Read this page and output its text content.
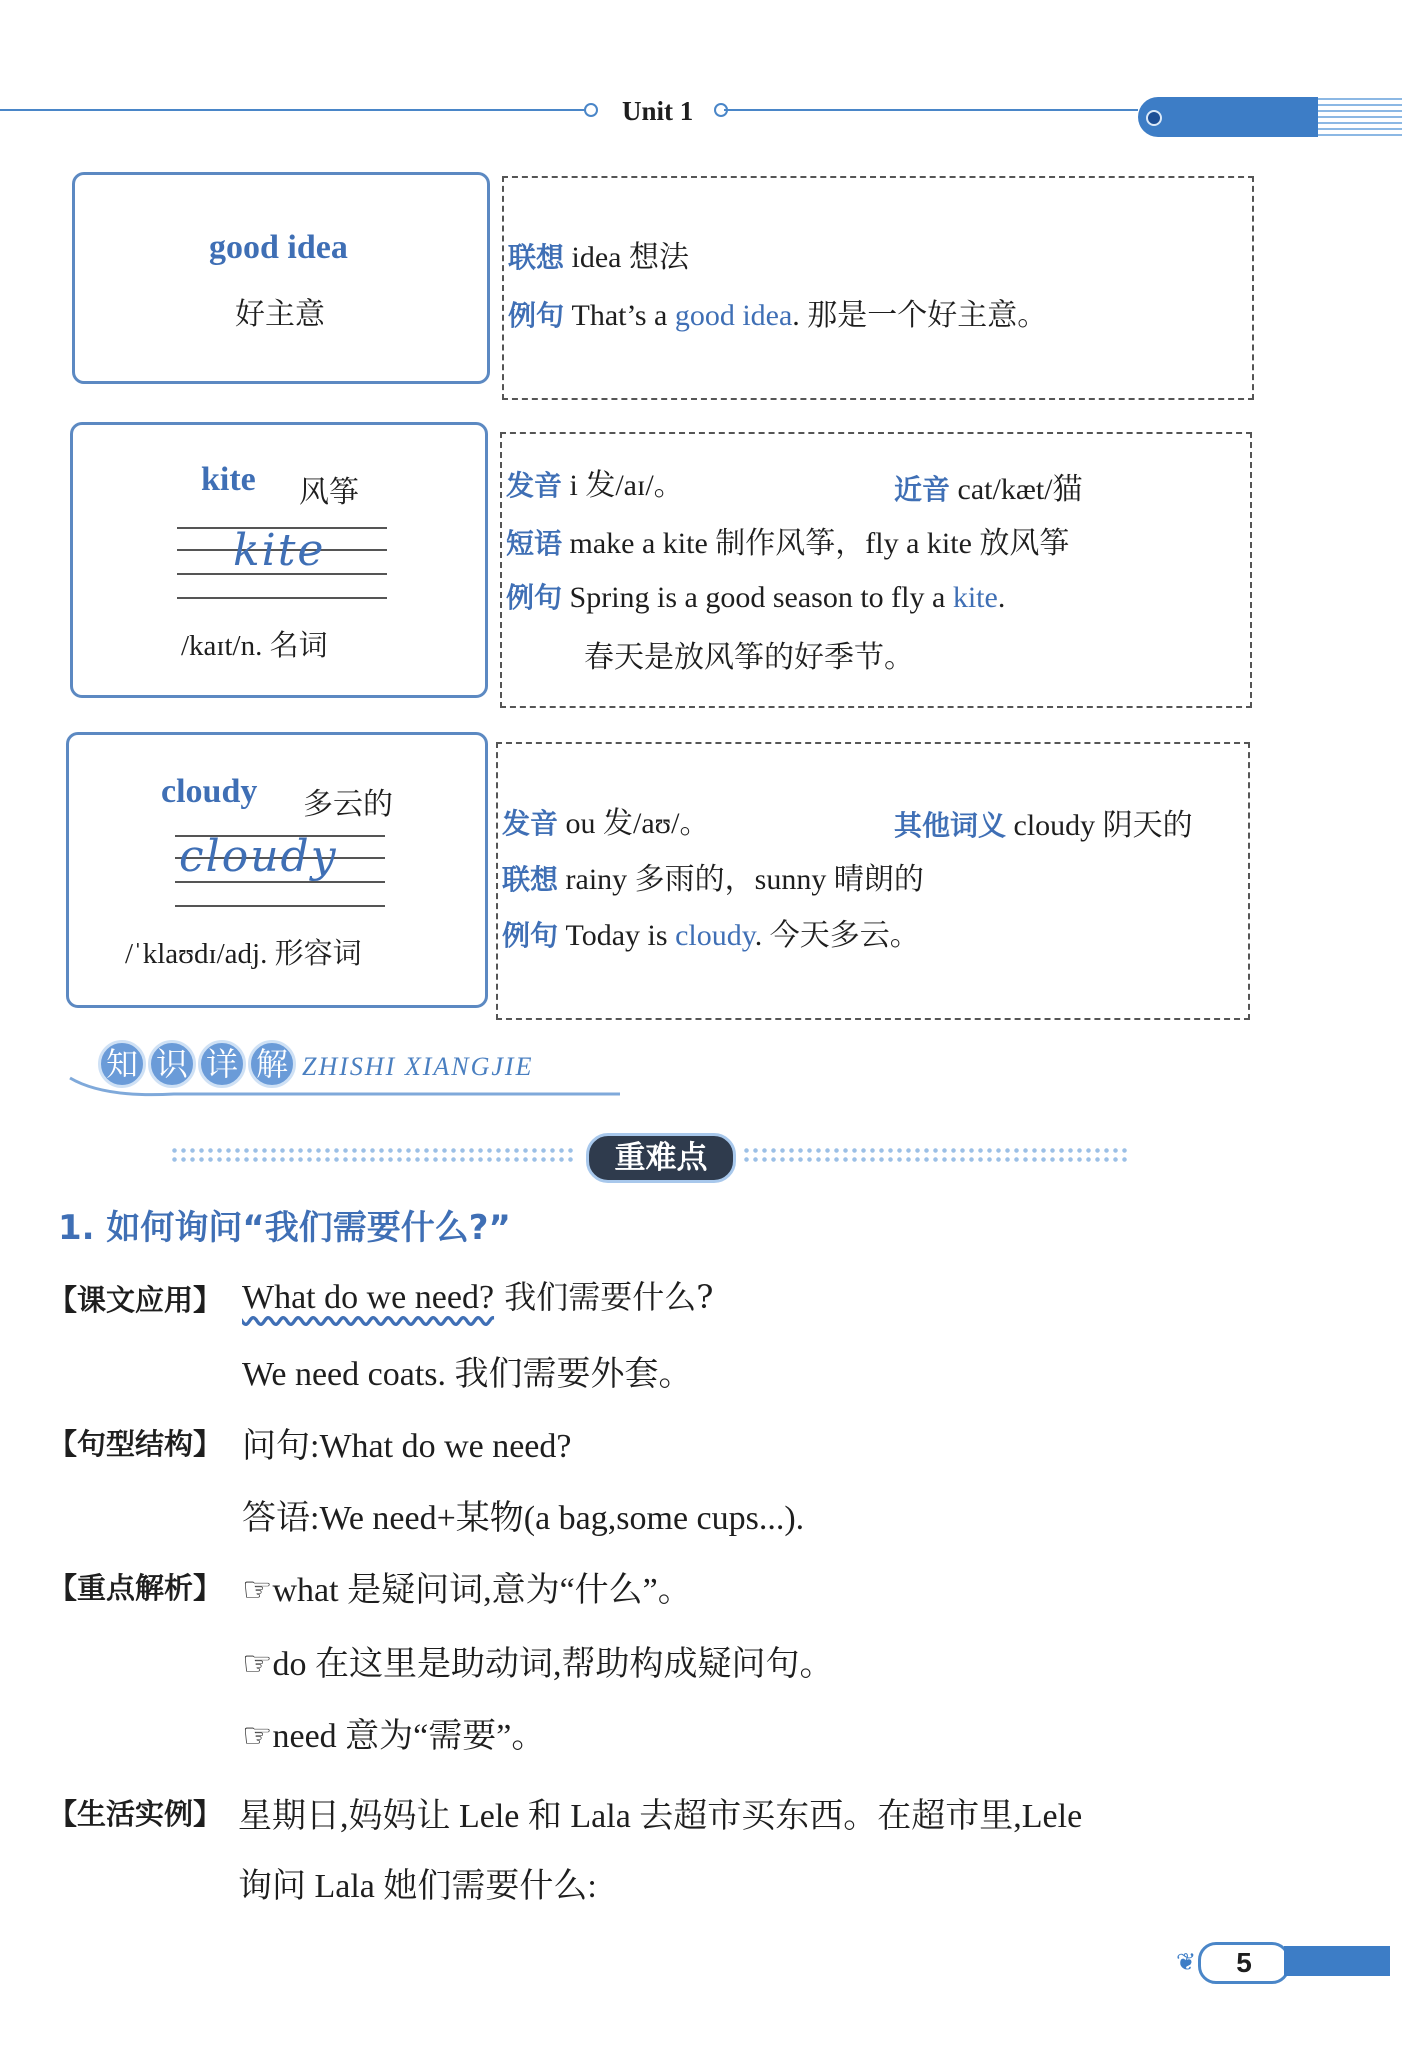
Unit 1
good idea
好主意
联想 idea 想法
例句 That’s a good idea. 那是一个好主意。
kite 风筝
kite
/kaɪt/n. 名词
发音 i 发/aɪ/。	近音 cat/kæt/猫
短语 make a kite 制作风筝，fly a kite 放风筝
例句 Spring is a good season to fly a kite.
春天是放风筝的好季节。
cloudy 多云的
cloudy
/ˈklaʊdɪ/adj. 形容词
发音 ou 发/aʊ/。	其他词义 cloudy 阴天的
联想 rainy 多雨的，sunny 晴朗的
例句 Today is cloudy. 今天多云。
知 识 详 解 ZHISHI XIANGJIE
重难点
1. 如何询问“我们需要什么?”
【课文应用】 What do we need? 我们需要什么?
We need coats. 我们需要外套。
【句型结构】 问句:What do we need?
答语:We need+某物(a bag,some cups...).
【重点解析】 ☞what 是疑问词,意为“什么”。
☞do 在这里是助动词,帮助构成疑问句。
☞need 意为“需要”。
【生活实例】 星期日,妈妈让 Lele 和 Lala 去超市买东西。在超市里,Lele
询问 Lala 她们需要什么:
❦	5
